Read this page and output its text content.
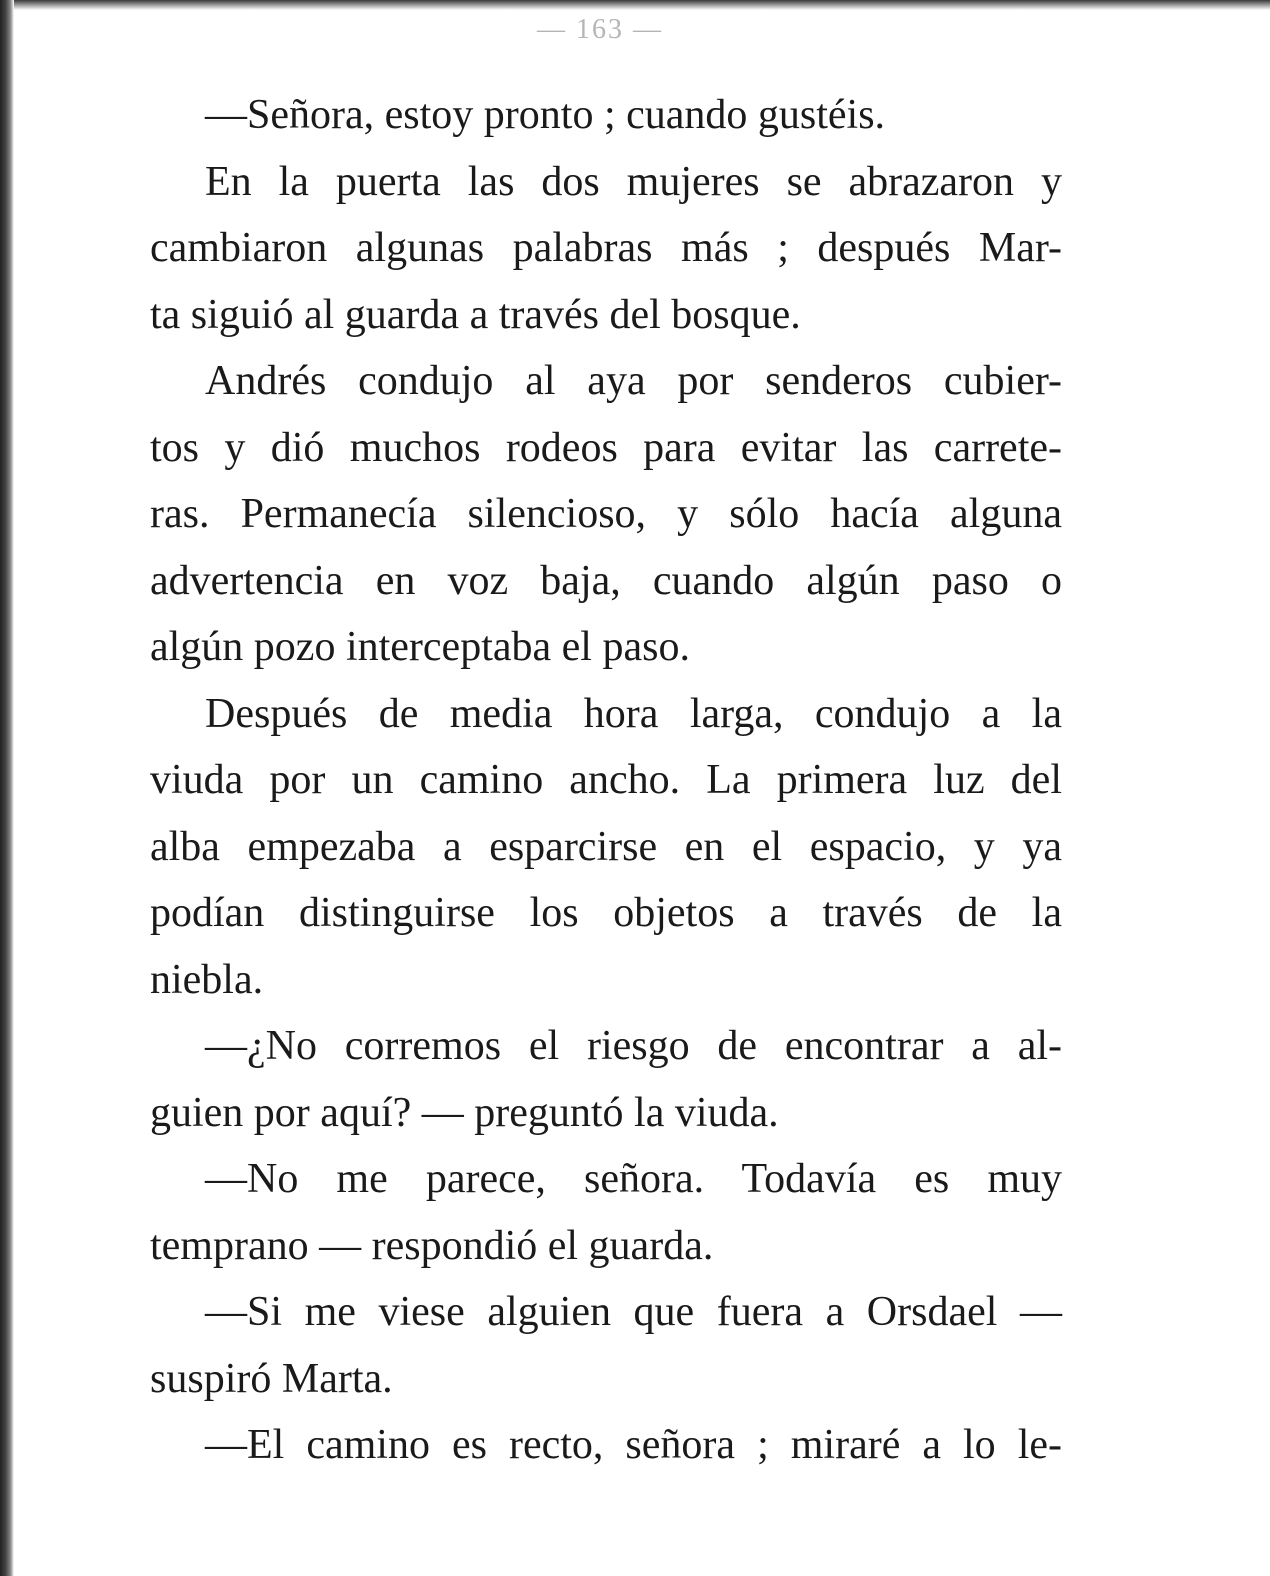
— 163 —
—Señora, estoy pronto ; cuando gustéis.
En la puerta las dos mujeres se abrazaron y
cambiaron algunas palabras más ; después Mar-
ta siguió al guarda a través del bosque.
Andrés condujo al aya por senderos cubier-
tos y dió muchos rodeos para evitar las carrete-
ras. Permanecía silencioso, y sólo hacía alguna
advertencia en voz baja, cuando algún paso o
algún pozo interceptaba el paso.
Después de media hora larga, condujo a la
viuda por un camino ancho. La primera luz del
alba empezaba a esparcirse en el espacio, y ya
podían distinguirse los objetos a través de la
niebla.
—¿No corremos el riesgo de encontrar a al-
guien por aquí? — preguntó la viuda.
—No me parece, señora. Todavía es muy
temprano — respondió el guarda.
—Si me viese alguien que fuera a Orsdael —
suspiró Marta.
—El camino es recto, señora ; miraré a lo le-
